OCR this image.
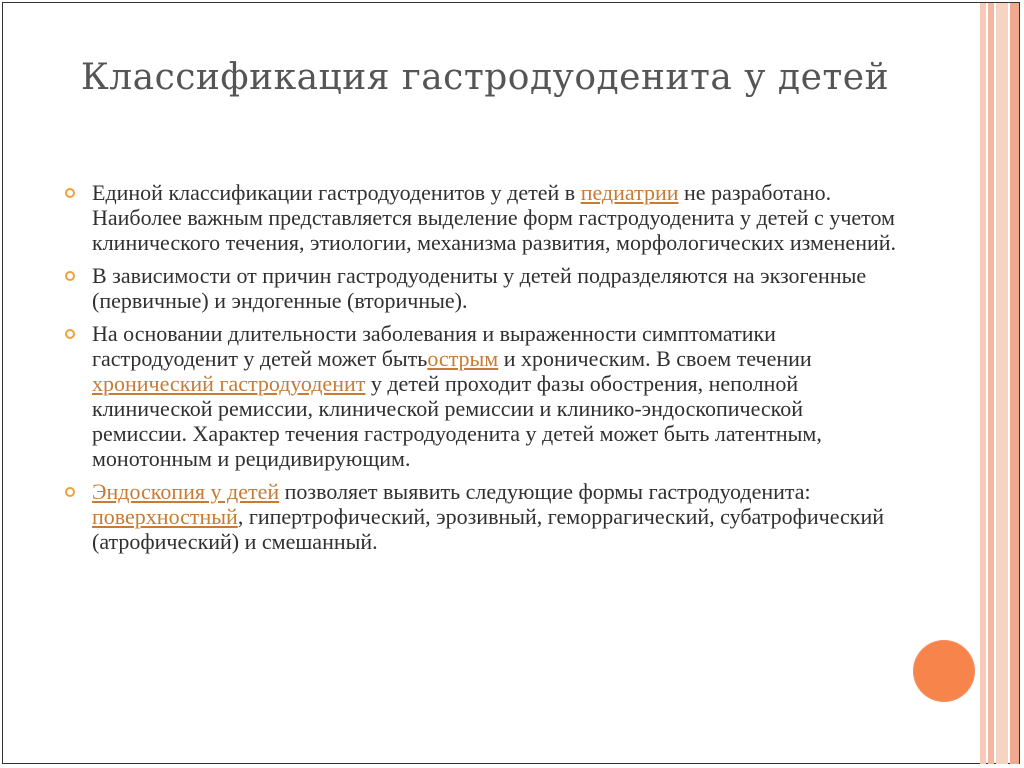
Классификация гастродуоденита у детей
Единой классификации гастродуоденитов у детей в педиатрии не разработано. Наиболее важным представляется выделение форм гастродуоденита у детей с учетом клинического течения, этиологии, механизма развития, морфологических изменений.
В зависимости от причин гастродуодениты у детей подразделяются на экзогенные (первичные) и эндогенные (вторичные).
На основании длительности заболевания и выраженности симптоматики гастродуоденит у детей может бытьострым и хроническим. В своем течении хронический гастродуоденит у детей проходит фазы обострения, неполной клинической ремиссии, клинической ремиссии и клинико-эндоскопической ремиссии. Характер течения гастродуоденита у детей может быть латентным, монотонным и рецидивирующим.
Эндоскопия у детей позволяет выявить следующие формы гастродуоденита: поверхностный, гипертрофический, эрозивный, геморрагический, субатрофический (атрофический) и смешанный.
